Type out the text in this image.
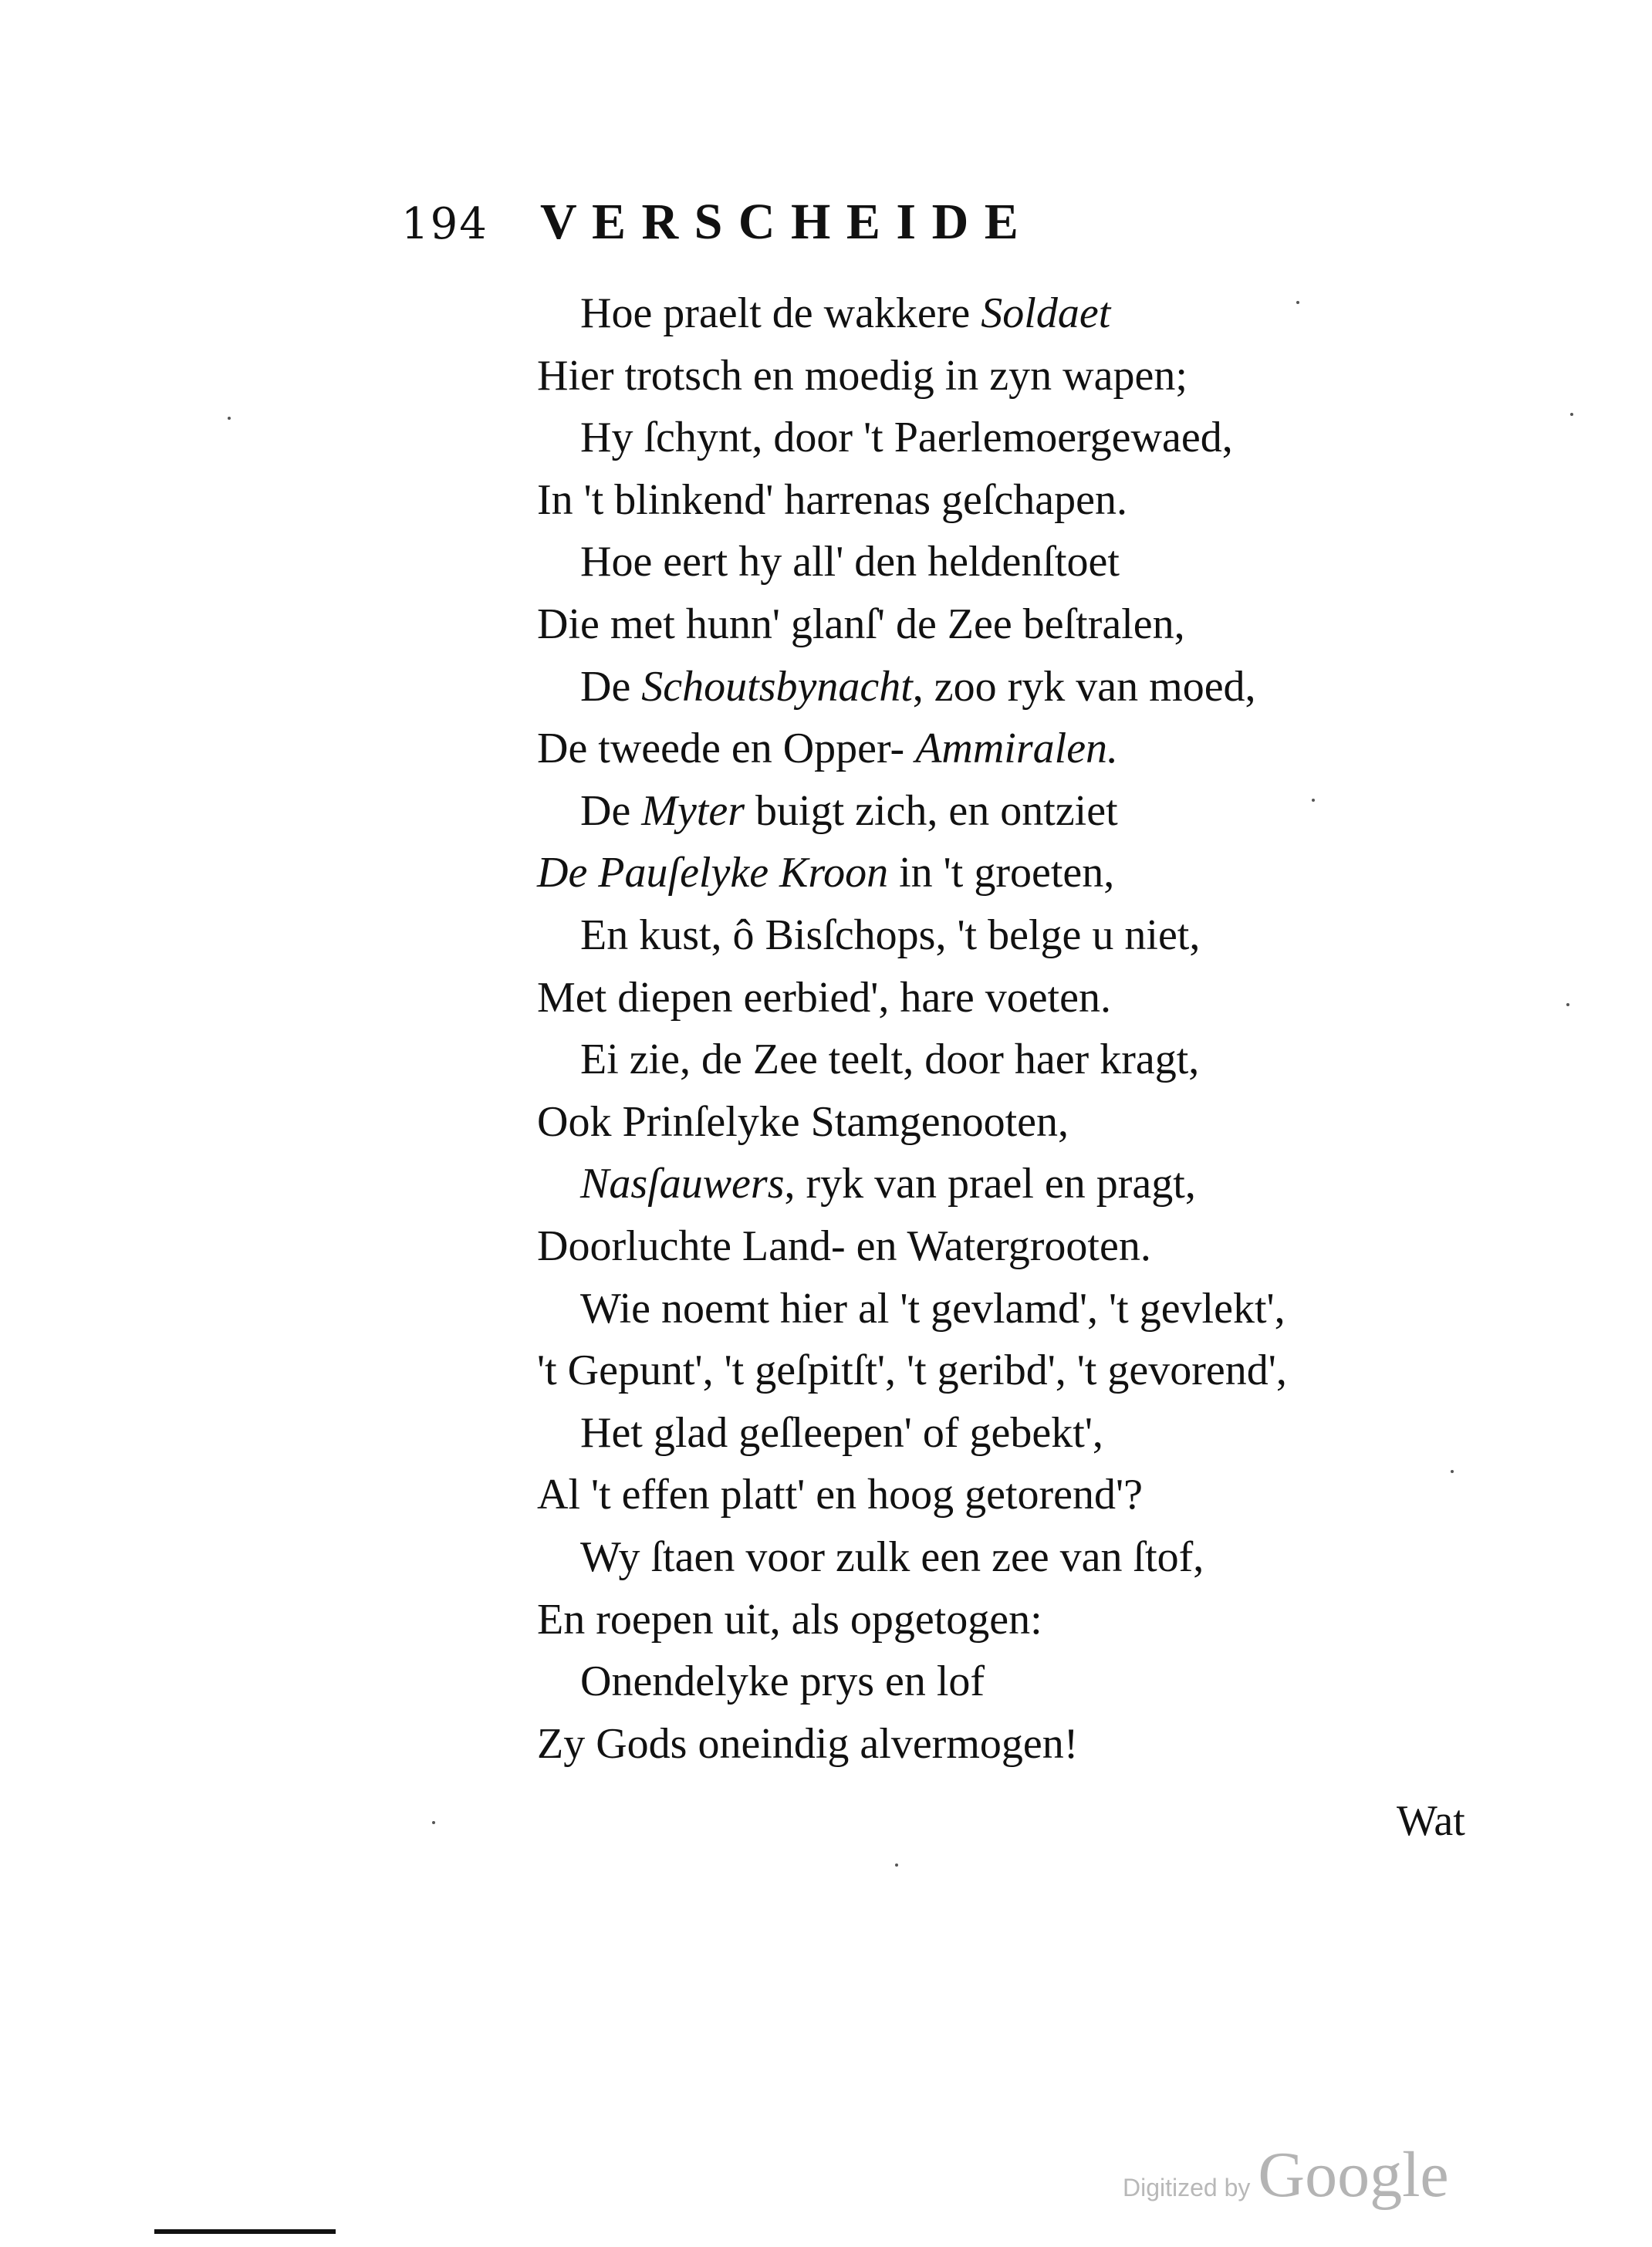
194 V E R S C H E I D E
Hoe praelt de wakkere Soldaet
Hier trotsch en moedig in zyn wapen;
Hy ſchynt, door 't Paerlemoergewaed,
In 't blinkend' harrenas geſchapen.
Hoe eert hy all' den heldenſtoet
Die met hunn' glanſ' de Zee beſtralen,
De Schoutsbynacht, zoo ryk van moed,
De tweede en Opper- Ammiralen.
De Myter buigt zich, en ontziet
De Pauſelyke Kroon in 't groeten,
En kust, ô Bisſchops, 't belge u niet,
Met diepen eerbied', hare voeten.
Ei zie, de Zee teelt, door haer kragt,
Ook Prinſelyke Stamgenooten,
Nasſauwers, ryk van prael en pragt,
Doorluchte Land- en Watergrooten.
Wie noemt hier al 't gevlamd', 't gevlekt',
't Gepunt', 't geſpitſt', 't geribd', 't gevorend',
Het glad geſleepen' of gebekt',
Al 't effen platt' en hoog getorend'?
Wy ſtaen voor zulk een zee van ſtof,
En roepen uit, als opgetogen:
Onendelyke prys en lof
Zy Gods oneindig alvermogen!
Wat
Digitized by Google
